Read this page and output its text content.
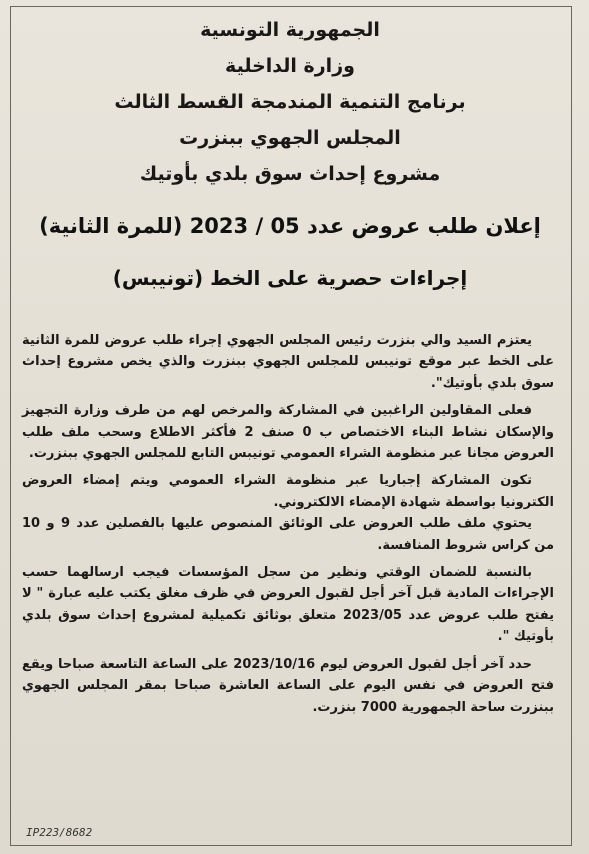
الجمهورية التونسية
وزارة الداخلية
برنامج التنمية المندمجة القسط الثالث
المجلس الجهوي ببنزرت
مشروع إحداث سوق بلدي بأوتيك
إعلان طلب عروض عدد 05 / 2023 (للمرة الثانية)
إجراءات حصرية على الخط (تونيبس)

يعتزم السيد والي بنزرت رئيس المجلس الجهوي إجراء طلب عروض للمرة الثانية على الخط عبر موقع تونيبس للمجلس الجهوي ببنزرت والذي يخص مشروع إحداث سوق بلدي بأوتيك".

فعلى المقاولين الراغبين في المشاركة والمرخص لهم من طرف وزارة التجهيز والإسكان نشاط البناء الاختصاص ب 0 صنف 2 فأكثر الاطلاع وسحب ملف طلب العروض مجانا عبر منظومة الشراء العمومي تونيبس التابع للمجلس الجهوي ببنزرت.

تكون المشاركة إجباريا عبر منظومة الشراء العمومي ويتم إمضاء العروض الكترونيا بواسطة شهادة الإمضاء الالكتروني.

يحتوي ملف طلب العروض على الوثائق المنصوص عليها بالفصلين عدد 9 و 10 من كراس شروط المنافسة.

بالنسبة للضمان الوقتي ونظير من سجل المؤسسات فيجب ارسالهما حسب الإجراءات المادية قبل آخر أجل لقبول العروض في ظرف مغلق يكتب عليه عبارة " لا يفتح طلب عروض عدد 2023/05 متعلق بوثائق تكميلية لمشروع إحداث سوق بلدي بأوتيك ".

حدد آخر أجل لقبول العروض ليوم 2023/10/16 على الساعة التاسعة صباحا ويقع فتح العروض في نفس اليوم على الساعة العاشرة صباحا بمقر المجلس الجهوي ببنزرت ساحة الجمهورية 7000 بنزرت.

IP223/8682
